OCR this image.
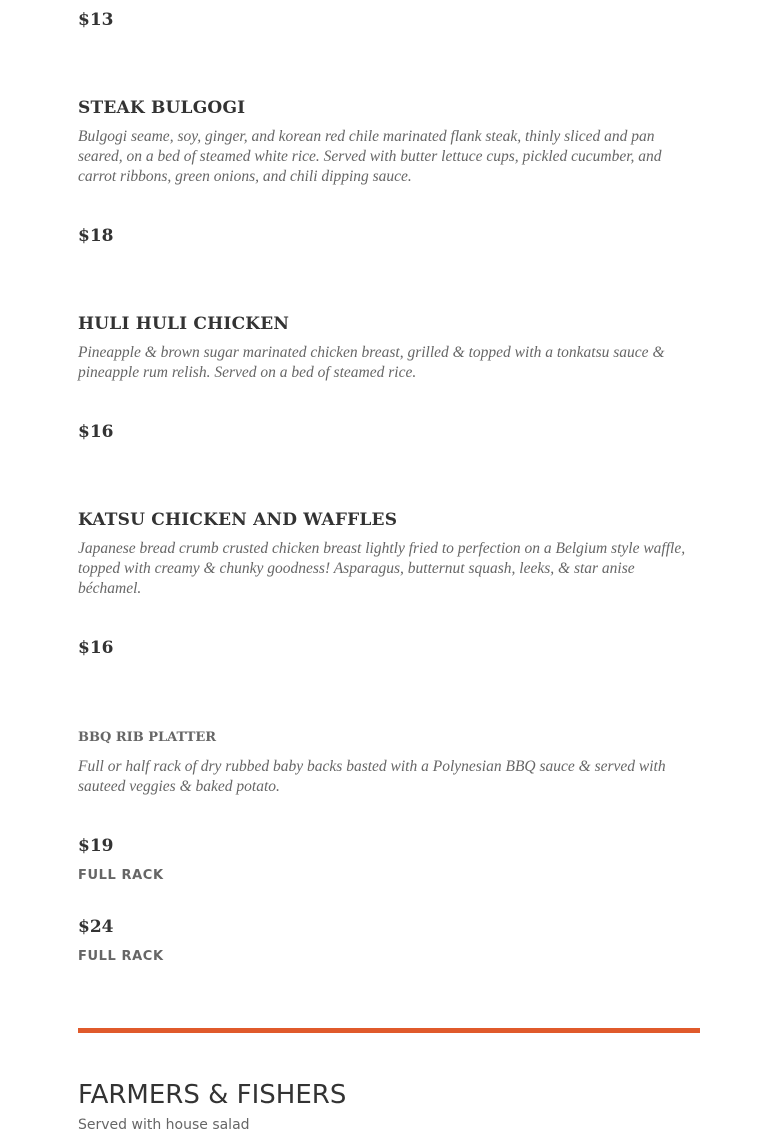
$13
STEAK BULGOGI
Bulgogi seame, soy, ginger, and korean red chile marinated flank steak, thinly sliced and pan seared, on a bed of steamed white rice. Served with butter lettuce cups, pickled cucumber, and carrot ribbons, green onions, and chili dipping sauce.
$18
HULI HULI CHICKEN
Pineapple & brown sugar marinated chicken breast, grilled & topped with a tonkatsu sauce & pineapple rum relish. Served on a bed of steamed rice.
$16
KATSU CHICKEN AND WAFFLES
Japanese bread crumb crusted chicken breast lightly fried to perfection on a Belgium style waffle, topped with creamy & chunky goodness! Asparagus, butternut squash, leeks, & star anise béchamel.
$16
BBQ RIB PLATTER
Full or half rack of dry rubbed baby backs basted with a Polynesian BBQ sauce & served with sauteed veggies & baked potato.
$19
FULL RACK
$24
FULL RACK
FARMERS & FISHERS
Served with house salad
